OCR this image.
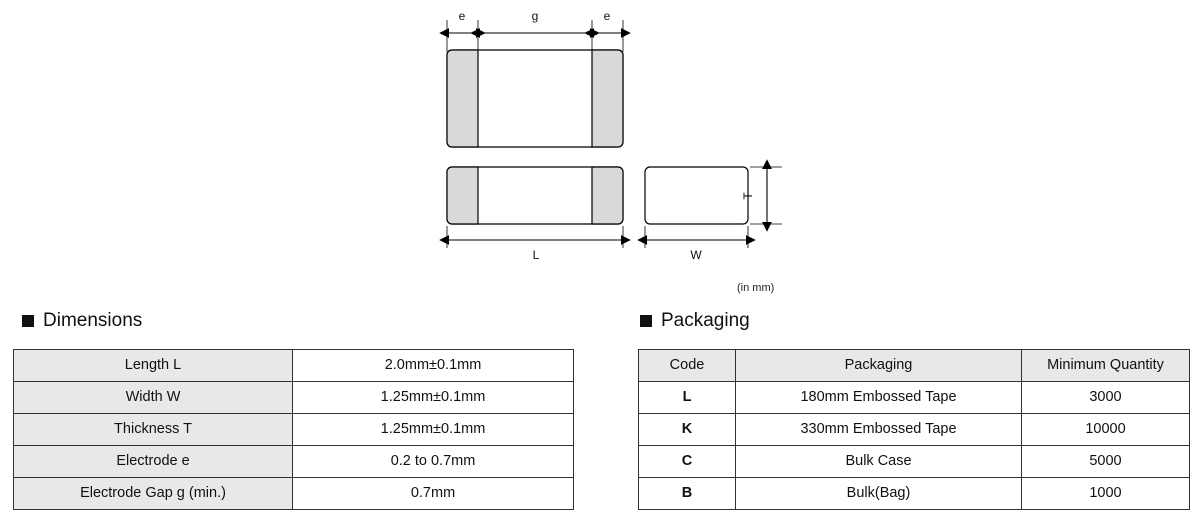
e	g	e
L	W
T
(in mm)
Dimensions
Length L	2.0mm±0.1mm
Width W	1.25mm±0.1mm
Thickness T	1.25mm±0.1mm
Electrode e	0.2 to 0.7mm
Electrode Gap g (min.)	0.7mm
Packaging
Code	Packaging	Minimum Quantity
L	180mm Embossed Tape	3000
K	330mm Embossed Tape	10000
C	Bulk Case	5000
B	Bulk(Bag)	1000
